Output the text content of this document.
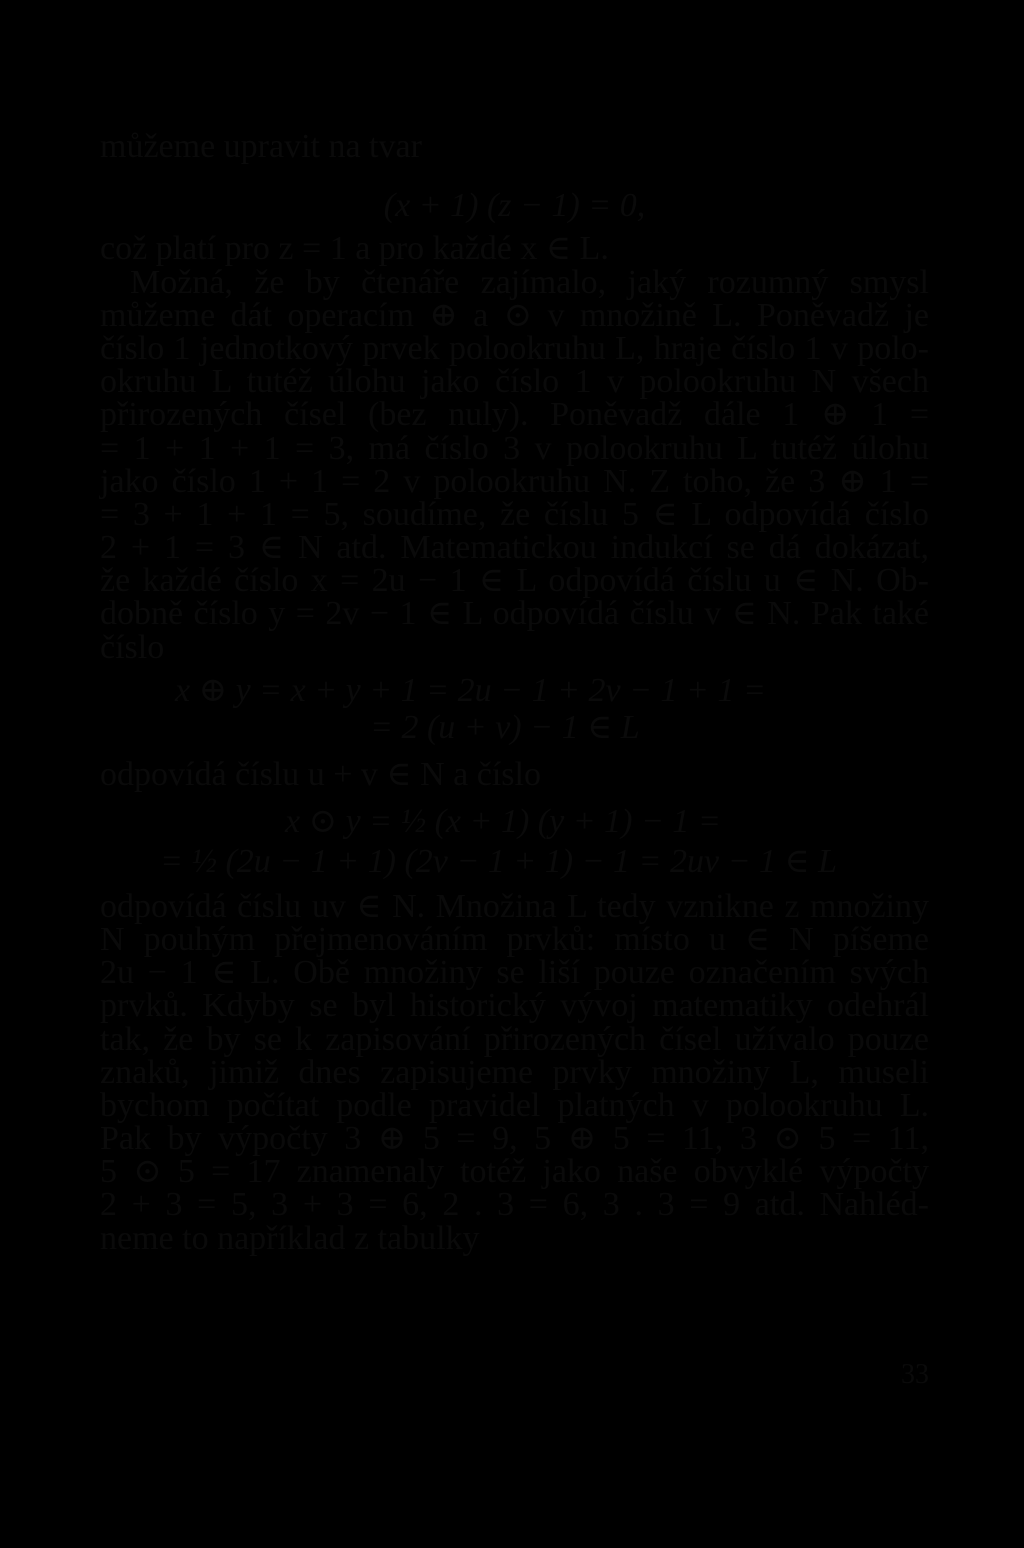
můžeme upravit na tvar
(x + 1) (z − 1) = 0,
což platí pro z = 1 a pro každé x ∈ L.
Možná, že by čtenáře zajímalo, jaký rozumný smysl
můžeme dát operacím ⊕ a ⊙ v množině L. Poněvadž je
číslo 1 jednotkový prvek polookruhu L, hraje číslo 1 v polo-
okruhu L tutéž úlohu jako číslo 1 v polookruhu N všech
přirozených čísel (bez nuly). Poněvadž dále 1 ⊕ 1 =
= 1 + 1 + 1 = 3, má číslo 3 v polookruhu L tutéž úlohu
jako číslo 1 + 1 = 2 v polookruhu N. Z toho, že 3 ⊕ 1 =
= 3 + 1 + 1 = 5, soudíme, že číslu 5 ∈ L odpovídá číslo
2 + 1 = 3 ∈ N atd. Matematickou indukcí se dá dokázat,
že každé číslo x = 2u − 1 ∈ L odpovídá číslu u ∈ N. Ob-
dobně číslo y = 2v − 1 ∈ L odpovídá číslu v ∈ N. Pak také
číslo
x ⊕ y = x + y + 1 = 2u − 1 + 2v − 1 + 1 =
= 2 (u + v) − 1 ∈ L
odpovídá číslu u + v ∈ N a číslo
x ⊙ y = ½ (x + 1) (y + 1) − 1 =
= ½ (2u − 1 + 1) (2v − 1 + 1) − 1 = 2uv − 1 ∈ L
odpovídá číslu uv ∈ N. Množina L tedy vznikne z množiny
N pouhým přejmenováním prvků: místo u ∈ N píšeme
2u − 1 ∈ L. Obě množiny se liší pouze označením svých
prvků. Kdyby se byl historický vývoj matematiky odehrál
tak, že by se k zapisování přirozených čísel užívalo pouze
znaků, jimiž dnes zapisujeme prvky množiny L, museli
bychom počítat podle pravidel platných v polookruhu L.
Pak by výpočty 3 ⊕ 5 = 9, 5 ⊕ 5 = 11, 3 ⊙ 5 = 11,
5 ⊙ 5 = 17 znamenaly totéž jako naše obvyklé výpočty
2 + 3 = 5, 3 + 3 = 6, 2 . 3 = 6, 3 . 3 = 9 atd. Nahléd-
neme to například z tabulky
33
